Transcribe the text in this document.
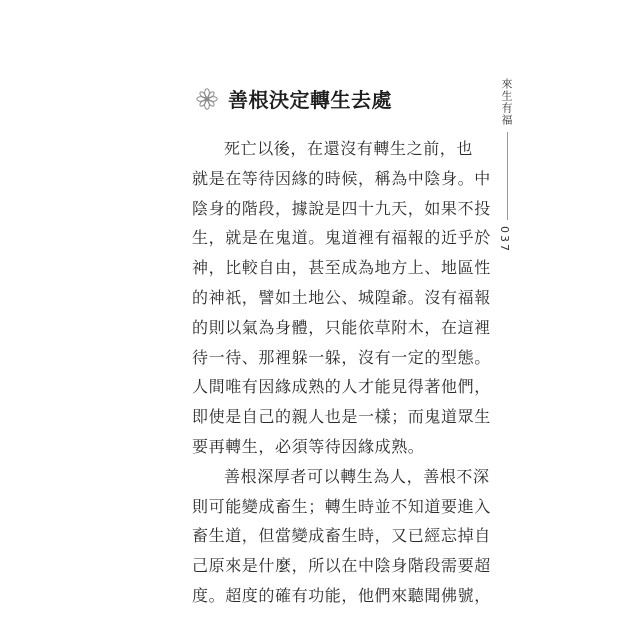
善根決定轉生去處
死亡以後，在還沒有轉生之前，也
就是在等待因緣的時候，稱為中陰身。中
陰身的階段，據說是四十九天，如果不投
生，就是在鬼道。鬼道裡有福報的近乎於
神，比較自由，甚至成為地方上、地區性
的神祇，譬如土地公、城隍爺。沒有福報
的則以氣為身體，只能依草附木，在這裡
待一待、那裡躲一躲，沒有一定的型態。
人間唯有因緣成熟的人才能見得著他們，
即使是自己的親人也是一樣；而鬼道眾生
要再轉生，必須等待因緣成熟。
善根深厚者可以轉生為人，善根不深
則可能變成畜生；轉生時並不知道要進入
畜生道，但當變成畜生時，又已經忘掉自
己原來是什麼，所以在中陰身階段需要超
度。超度的確有功能，他們來聽聞佛號，
來生有福
037
